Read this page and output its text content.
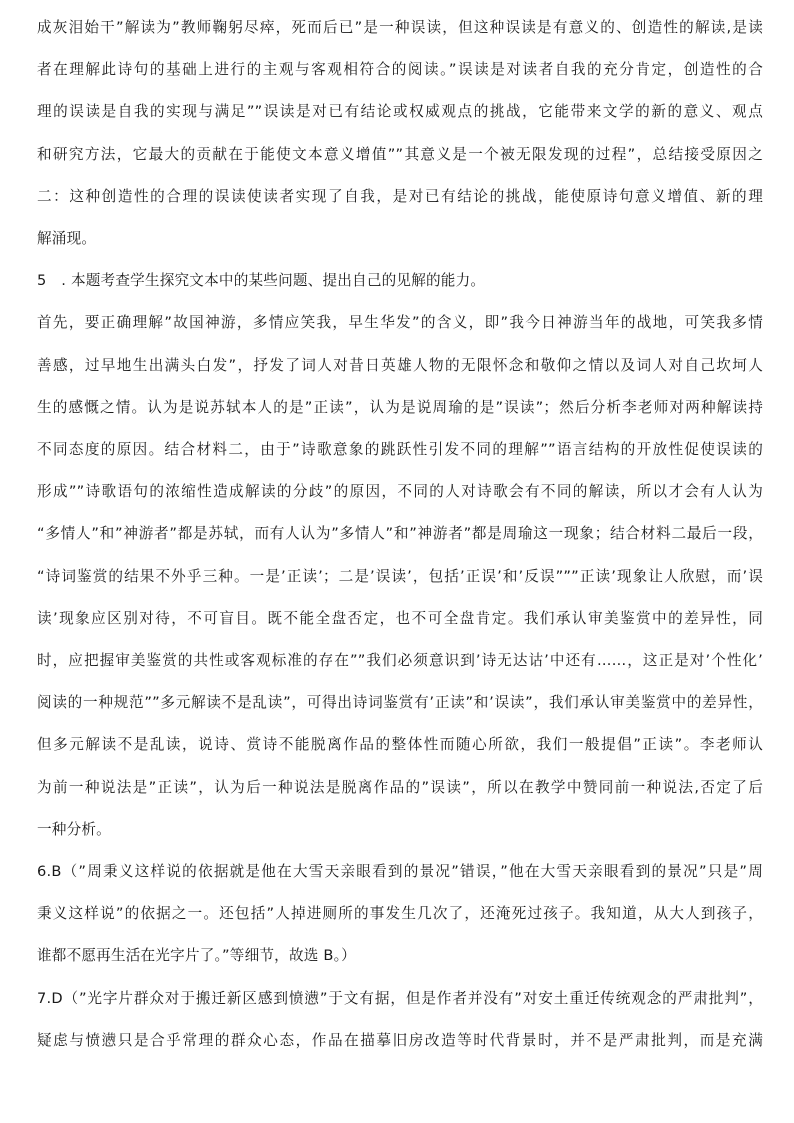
成灰泪始干”解读为”教师鞠躬尽瘁，死而后已”是一种误读，但这种误读是有意义的、创造性的解读,是读
者在理解此诗句的基础上进行的主观与客观相符合的阅读。”误读是对读者自我的充分肯定，创造性的合
理的误读是自我的实现与满足””误读是对已有结论或权威观点的挑战，它能带来文学的新的意义、观点
和研究方法，它最大的贡献在于能使文本意义增值””其意义是一个被无限发现的过程”，总结接受原因之
二：这种创造性的合理的误读使读者实现了自我，是对已有结论的挑战，能使原诗句意义增值、新的理
解涌现。
5　. 本题考查学生探究文本中的某些问题、提出自己的见解的能力。
首先，要正确理解”故国神游，多情应笑我，早生华发”的含义，即”我今日神游当年的战地，可笑我多情
善感，过早地生出满头白发”，抒发了词人对昔日英雄人物的无限怀念和敬仰之情以及词人对自己坎坷人
生的感慨之情。认为是说苏轼本人的是”正读”，认为是说周瑜的是”误读”；然后分析李老师对两种解读持
不同态度的原因。结合材料二，由于”诗歌意象的跳跃性引发不同的理解””语言结构的开放性促使误读的
形成””诗歌语句的浓缩性造成解读的分歧”的原因，不同的人对诗歌会有不同的解读，所以才会有人认为
“多情人”和”神游者”都是苏轼，而有人认为”多情人”和”神游者”都是周瑜这一现象；结合材料二最后一段，
“诗词鉴赏的结果不外乎三种。一是’正读’；二是’误读’，包括’正误’和’反误”””正读’现象让人欣慰，而’误
读’现象应区别对待，不可盲目。既不能全盘否定，也不可全盘肯定。我们承认审美鉴赏中的差异性，同
时，应把握审美鉴赏的共性或客观标准的存在””我们必须意识到’诗无达诂’中还有……，这正是对’个性化’
阅读的一种规范””多元解读不是乱读”，可得出诗词鉴赏有’正读”和’误读”，我们承认审美鉴赏中的差异性，
但多元解读不是乱读，说诗、赏诗不能脱离作品的整体性而随心所欲，我们一般提倡”正读”。李老师认
为前一种说法是”正读”，认为后一种说法是脱离作品的”误读”，所以在教学中赞同前一种说法,否定了后
一种分析。
6.B（”周秉义这样说的依据就是他在大雪天亲眼看到的景况”错误，”他在大雪天亲眼看到的景况”只是”周
秉义这样说”的依据之一。还包括”人掉进厕所的事发生几次了，还淹死过孩子。我知道，从大人到孩子，
谁都不愿再生活在光字片了。”等细节，故选 B。）
7.D（”光字片群众对于搬迁新区感到愤懑”于文有据，但是作者并没有”对安土重迁传统观念的严肃批判”，
疑虑与愤懑只是合乎常理的群众心态，作品在描摹旧房改造等时代背景时，并不是严肃批判，而是充满
